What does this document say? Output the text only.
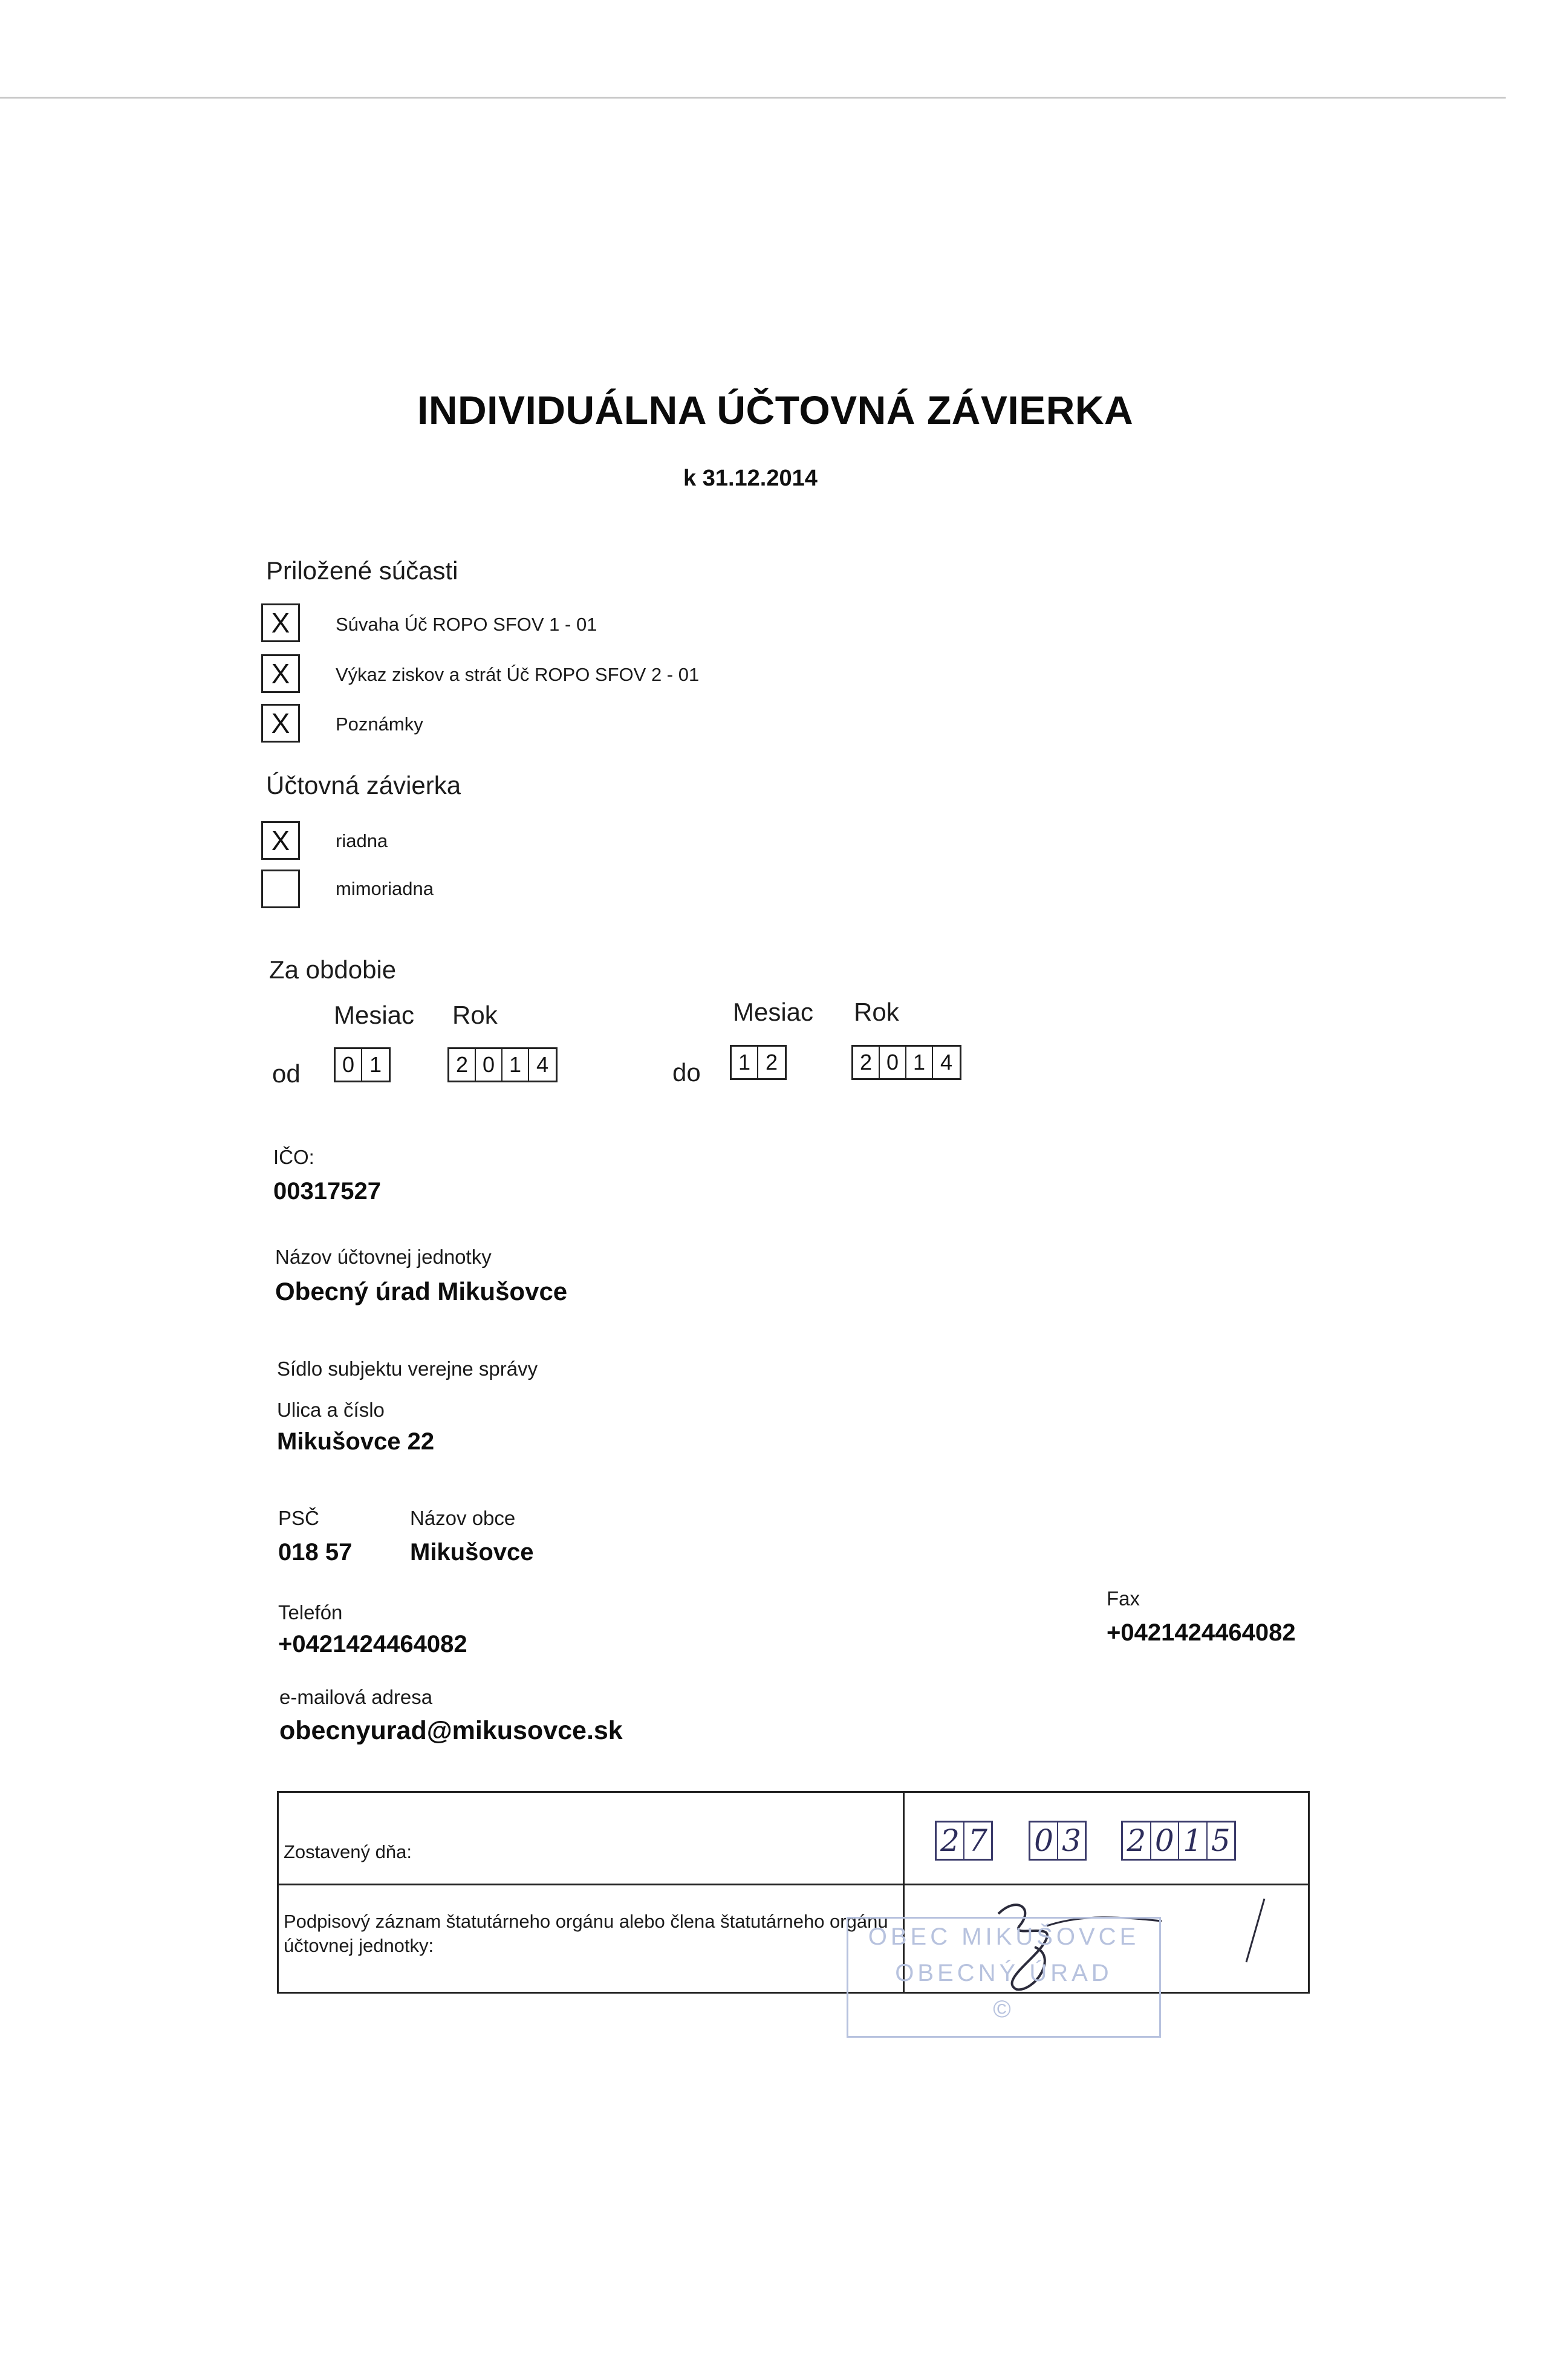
INDIVIDUÁLNA ÚČTOVNÁ ZÁVIERKA
k 31.12.2014
Priložené súčasti
X	Súvaha Úč ROPO SFOV 1 - 01
X	Výkaz ziskov a strát Úč ROPO SFOV 2 - 01
X	Poznámky
Účtovná závierka
X	riadna
mimoriadna
Za obdobie
Mesiac Rok	Mesiac Rok
od	0 1	2 0 1 4	do	1 2	2 0 1 4
IČO:
00317527
Názov účtovnej jednotky
Obecný úrad Mikušovce
Sídlo subjektu verejne správy
Ulica a číslo
Mikušovce 22
PSČ
018 57
Názov obce
Mikušovce
Telefón
+0421424464082
Fax
+0421424464082
e-mailová adresa
obecnyurad@mikusovce.sk
Zostavený dňa:	2 7 0 3 2 0 1 5
Podpisový záznam štatutárneho orgánu alebo člena štatutárneho orgánu účtovnej jednotky:	OBEC MIKUŠOVCE
OBECNÝ ÚRAD
©
